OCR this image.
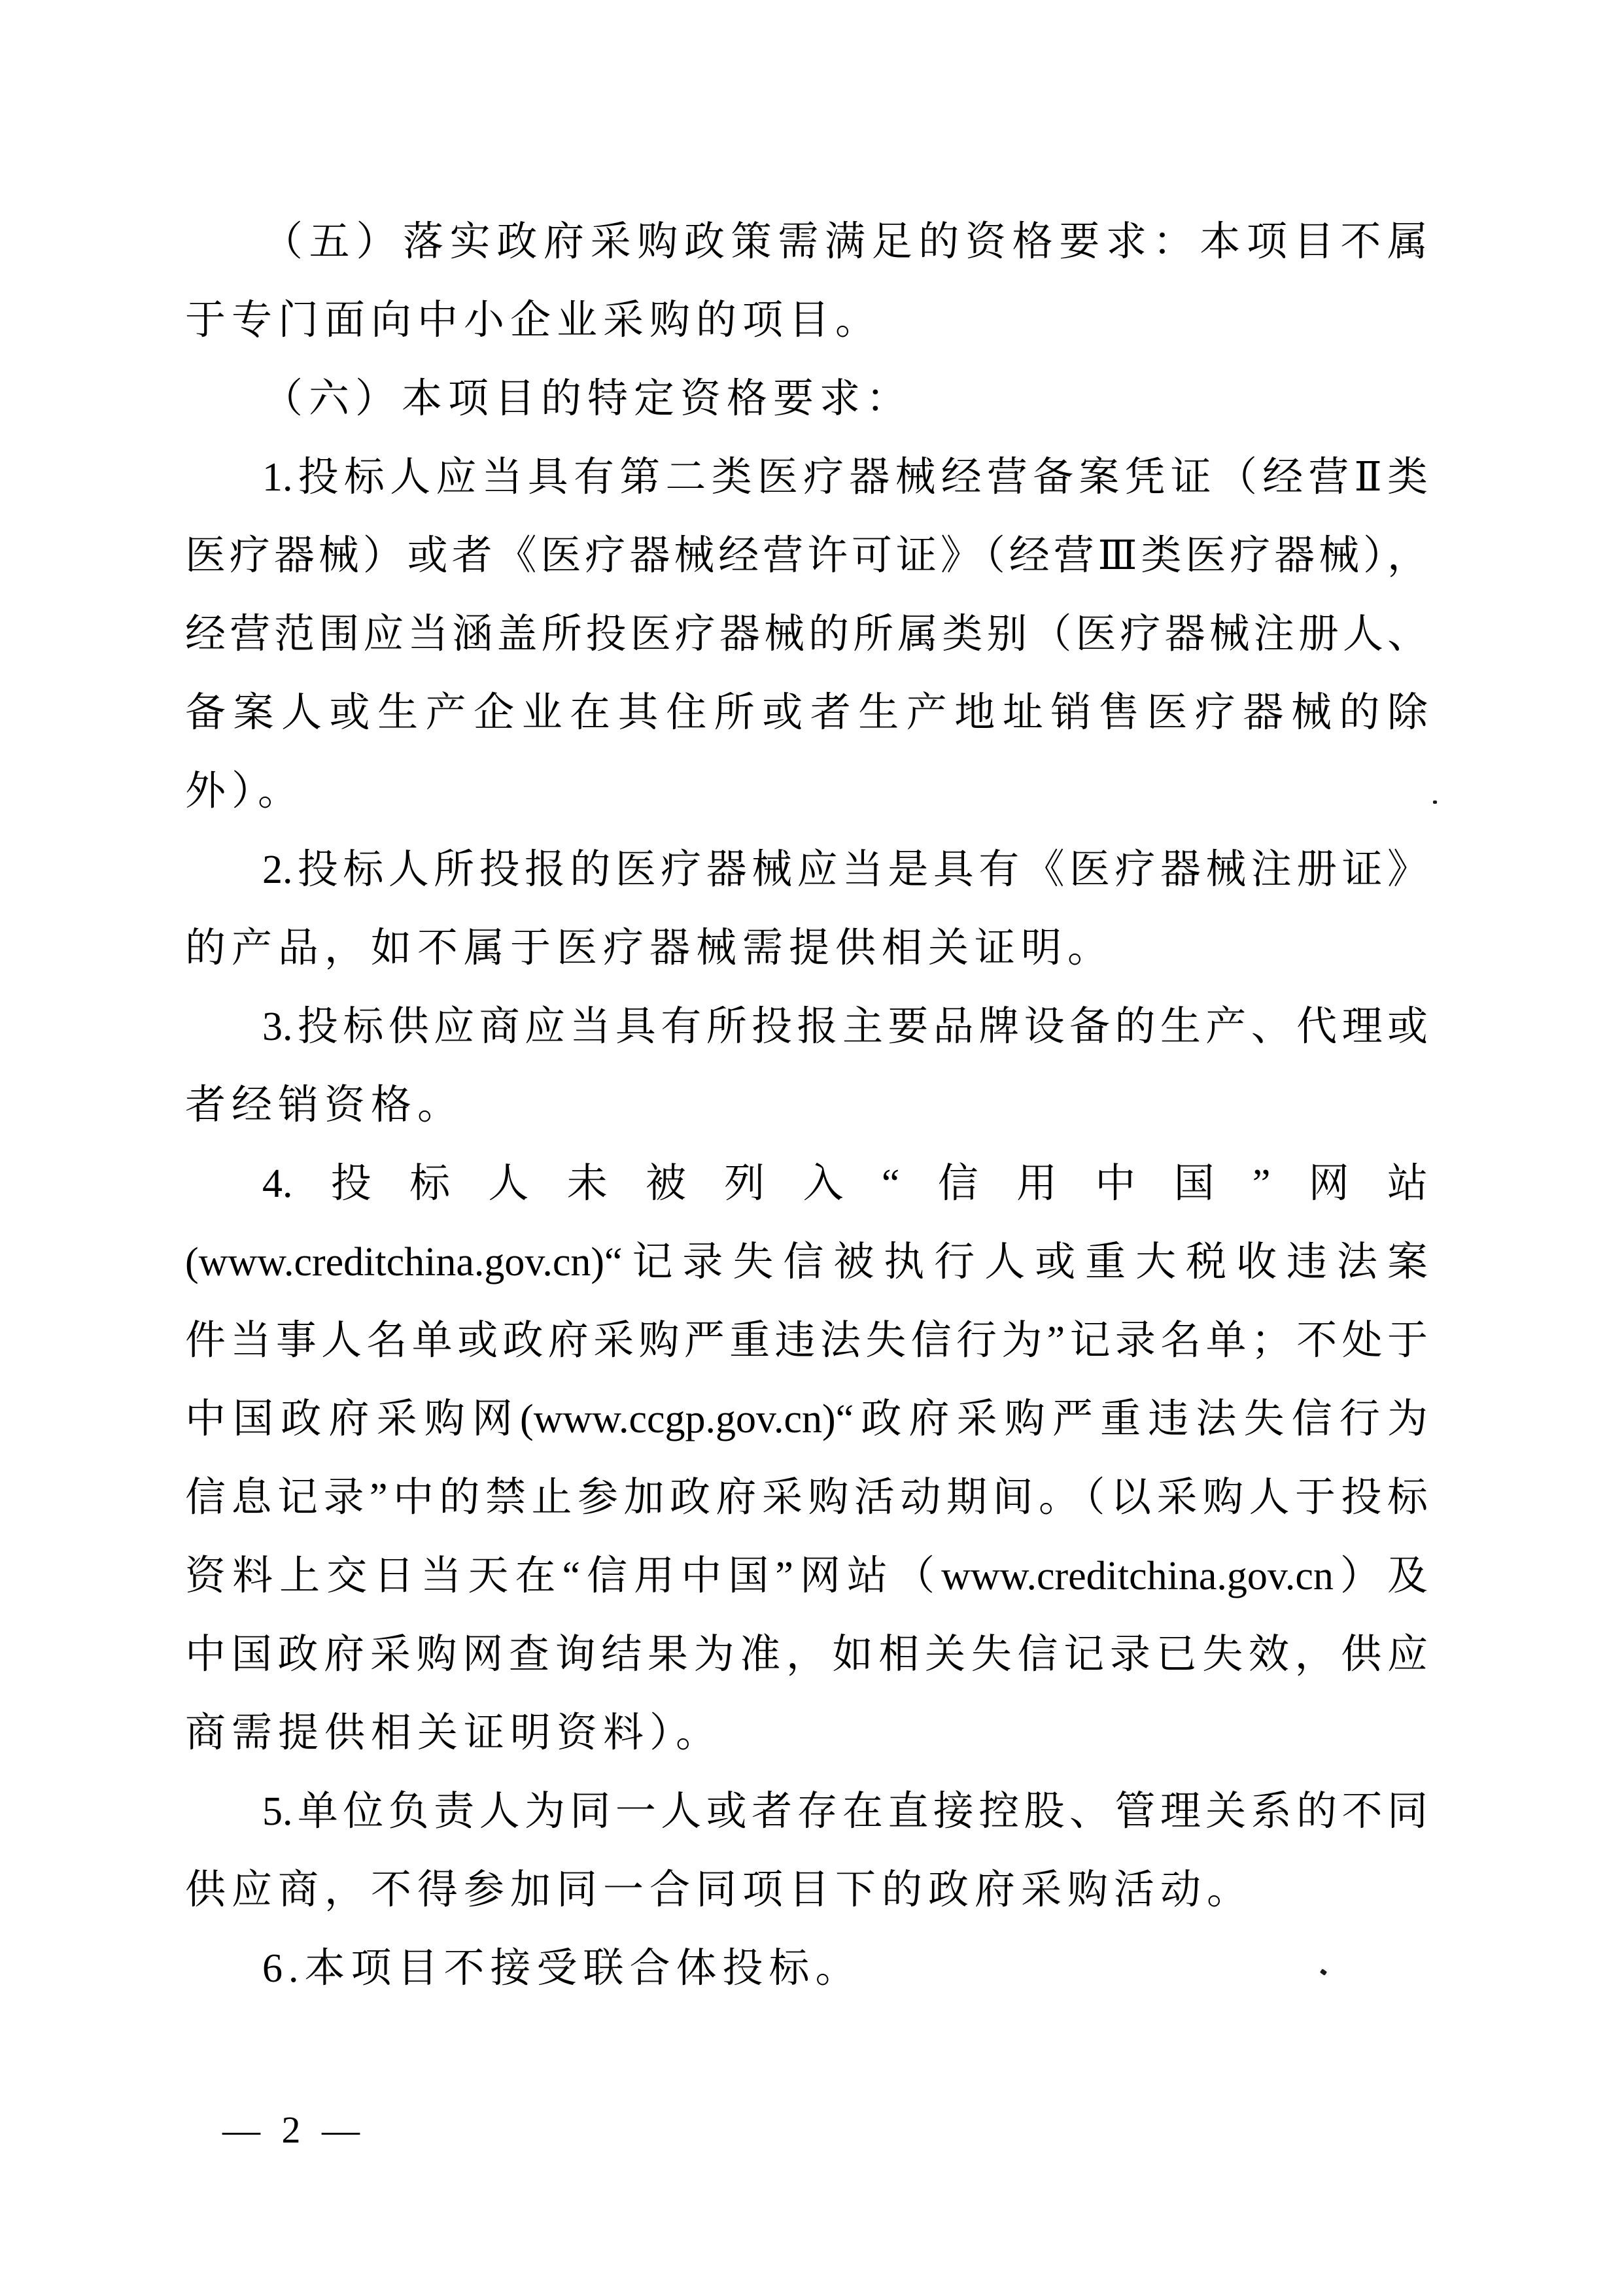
（五）落实政府采购政策需满足的资格要求：本项目不属
于专门面向中小企业采购的项目。
（六）本项目的特定资格要求：
1.投标人应当具有第二类医疗器械经营备案凭证（经营Ⅱ类
医疗器械）或者《医疗器械经营许可证》（经营Ⅲ类医疗器械），
经营范围应当涵盖所投医疗器械的所属类别（医疗器械注册人、
备案人或生产企业在其住所或者生产地址销售医疗器械的除
外）。
2.投标人所投报的医疗器械应当是具有《医疗器械注册证》
的产品，如不属于医疗器械需提供相关证明。
3.投标供应商应当具有所投报主要品牌设备的生产、代理或
者经销资格。
4.投标人未被列入“信用中国”网站
(www.creditchina.gov.cn)“记录失信被执行人或重大税收违法案
件当事人名单或政府采购严重违法失信行为”记录名单；不处于
中国政府采购网(www.ccgp.gov.cn)“政府采购严重违法失信行为
信息记录”中的禁止参加政府采购活动期间。（以采购人于投标
资料上交日当天在“信用中国”网站（www.creditchina.gov.cn）及
中国政府采购网查询结果为准，如相关失信记录已失效，供应
商需提供相关证明资料）。
5.单位负责人为同一人或者存在直接控股、管理关系的不同
供应商，不得参加同一合同项目下的政府采购活动。
6.本项目不接受联合体投标。
— 2 —
